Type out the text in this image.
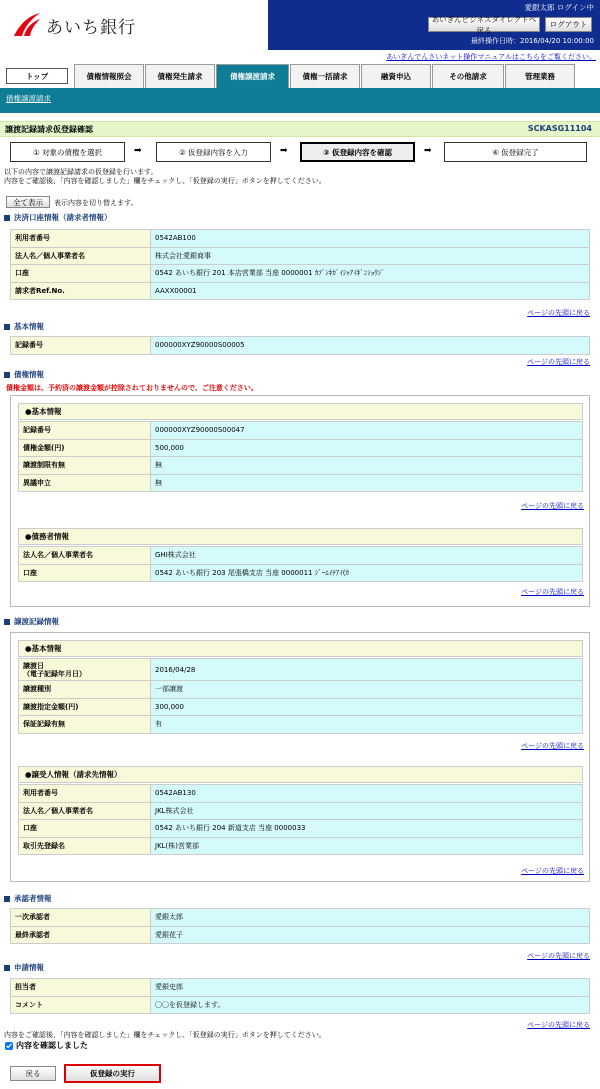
あいち銀行
愛銀太郎 ログイン中
あいぎんビジネスダイレクトへ戻る
ログアウト
最終操作日時：2016/04/20 10:00:00
あいぎんでんさいネット操作マニュアルはこちらをご覧ください。
トップ	債権情報照会	債権発生請求	債権譲渡請求	債権一括請求	融資申込	その他請求	管理業務
債権譲渡請求
譲渡記録請求仮登録確認	SCKASG11104
① 対象の債権を選択	➡	② 仮登録内容を入力	➡	③ 仮登録内容を確認	➡	④ 仮登録完了
以下の内容で譲渡記録請求の仮登録を行います。
内容をご確認後、「内容を確認しました」欄をチェックし、「仮登録の実行」ボタンを押してください。
全て表示	表示内容を切り替えます。
決済口座情報（請求者情報）
利用者番号	0542AB100
法人名／個人事業者名	株式会社愛銀商事
口座	0542 あいち銀行 201 本店営業部 当座 0000001 ｶﾌﾞｼｷｶﾞｲｼｬｱｲｷﾞﾝｼｮｳｼﾞ
請求者Ref.No.	AAXX00001
ページの先頭に戻る
基本情報
記録番号	000000XYZ90000S00005
ページの先頭に戻る
債権情報
債権金額は、予約済の譲渡金額が控除されておりませんので、ご注意ください。
●基本情報
記録番号	000000XYZ90000S00047
債権金額(円)	500,000
譲渡制限有無	無
異議申立	無
ページの先頭に戻る
●債務者情報
法人名／個人事業者名	GHI株式会社
口座	0542 あいち銀行 203 尾張橋支店 当座 0000011 ｼﾞｰｴｲﾁｱｲ(ｶ
ページの先頭に戻る
譲渡記録情報
●基本情報
譲渡日
（電子記録年月日）	2016/04/28
譲渡種別	一部譲渡
譲渡指定金額(円)	300,000
保証記録有無	有
ページの先頭に戻る
●譲受人情報（請求先情報）
利用者番号	0542AB130
法人名／個人事業者名	JKL株式会社
口座	0542 あいち銀行 204 新道支店 当座 0000033
取引先登録名	JKL(株)営業部
ページの先頭に戻る
承認者情報
一次承認者	愛銀太郎
最終承認者	愛銀花子
ページの先頭に戻る
申請情報
担当者	愛銀史郎
コメント	〇〇を仮登録します。
ページの先頭に戻る
内容をご確認後、「内容を確認しました」欄をチェックし、「仮登録の実行」ボタンを押してください。
内容を確認しました
戻る	仮登録の実行
